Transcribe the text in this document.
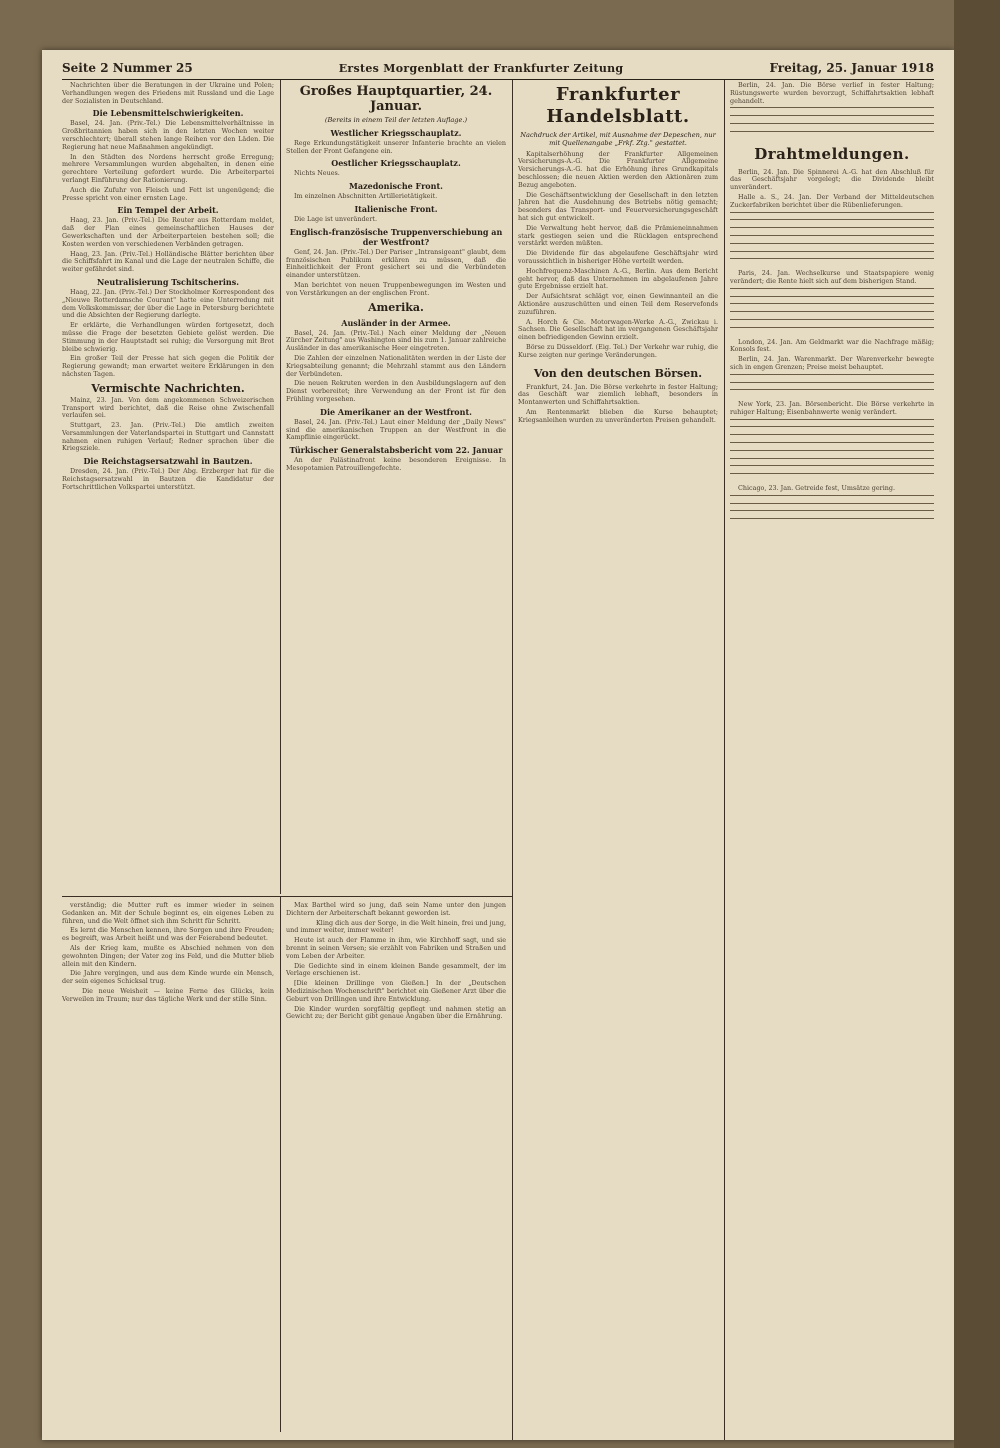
Seite 2 Nummer 25	Erstes Morgenblatt der Frankfurter Zeitung	Freitag, 25. Januar 1918

Nachrichten über die Beratungen in der Ukraine und Polen; Verhandlungen wegen des Friedens mit Russland und die Lage der Sozialisten in Deutschland.

Die Lebensmittelschwierigkeiten.

Basel, 24. Jan. (Priv.-Tel.) Die Lebensmittelverhältnisse in Großbritannien haben sich in den letzten Wochen weiter verschlechtert; überall stehen lange Reihen vor den Läden. Die Regierung hat neue Maßnahmen angekündigt.

In den Städten des Nordens herrscht große Erregung; mehrere Versammlungen wurden abgehalten, in denen eine gerechtere Verteilung gefordert wurde. Die Arbeiterpartei verlangt Einführung der Rationierung.

Auch die Zufuhr von Fleisch und Fett ist ungenügend; die Presse spricht von einer ernsten Lage.

Ein Tempel der Arbeit.

Haag, 23. Jan. (Priv.-Tel.) Die Reuter aus Rotterdam meldet, daß der Plan eines gemeinschaftlichen Hauses der Gewerkschaften und der Arbeiterparteien bestehen soll; die Kosten werden von verschiedenen Verbänden getragen.

Haag, 23. Jan. (Priv.-Tel.) Holländische Blätter berichten über die Schiffsfahrt im Kanal und die Lage der neutralen Schiffe, die weiter gefährdet sind.

Neutralisierung Tschitscherins.

Haag, 22. Jan. (Priv.-Tel.) Der Stockholmer Korrespondent des „Nieuwe Rotterdamsche Courant" hatte eine Unterredung mit dem Volkskommissar, der über die Lage in Petersburg berichtete und die Absichten der Regierung darlegte.

Er erklärte, die Verhandlungen würden fortgesetzt, doch müsse die Frage der besetzten Gebiete gelöst werden. Die Stimmung in der Hauptstadt sei ruhig; die Versorgung mit Brot bleibe schwierig.

Ein großer Teil der Presse hat sich gegen die Politik der Regierung gewandt; man erwartet weitere Erklärungen in den nächsten Tagen.

Vermischte Nachrichten.

Mainz, 23. Jan. Von dem angekommenen Schweizerischen Transport wird berichtet, daß die Reise ohne Zwischenfall verlaufen sei.

Stuttgart, 23. Jan. (Priv.-Tel.) Die amtlich zweiten Versammlungen der Vaterlandspartei in Stuttgart und Cannstatt nahmen einen ruhigen Verlauf; Redner sprachen über die Kriegsziele.

Die Reichstagsersatzwahl in Bautzen.

Dresden, 24. Jan. (Priv.-Tel.) Der Abg. Erzberger hat für die Reichstagsersatzwahl in Bautzen die Kandidatur der Fortschrittlichen Volkspartei unterstützt.

Großes Hauptquartier, 24. Januar.
(Bereits in einem Teil der letzten Auflage.)
Westlicher Kriegsschauplatz.

Rege Erkundungstätigkeit unserer Infanterie brachte an vielen Stellen der Front Gefangene ein.

Oestlicher Kriegsschauplatz.

Nichts Neues.

Mazedonische Front.

Im einzelnen Abschnitten Artillerietätigkeit.

Italienische Front.

Die Lage ist unverändert.

Englisch-französische Truppenverschiebung an der Westfront?

Genf, 24. Jan. (Priv.-Tel.) Der Pariser „Intransigeant" glaubt, dem französischen Publikum erklären zu müssen, daß die Einheitlichkeit der Front gesichert sei und die Verbündeten einander unterstützen.

Man berichtet von neuen Truppenbewegungen im Westen und von Verstärkungen an der englischen Front.

Amerika.
Ausländer in der Armee.

Basel, 24. Jan. (Priv.-Tel.) Nach einer Meldung der „Neuen Zürcher Zeitung" aus Washington sind bis zum 1. Januar zahlreiche Ausländer in das amerikanische Heer eingetreten.

Die Zahlen der einzelnen Nationalitäten werden in der Liste der Kriegsabteilung genannt; die Mehrzahl stammt aus den Ländern der Verbündeten.

Die neuen Rekruten werden in den Ausbildungslagern auf den Dienst vorbereitet; ihre Verwendung an der Front ist für den Frühling vorgesehen.

Die Amerikaner an der Westfront.

Basel, 24. Jan. (Priv.-Tel.) Laut einer Meldung der „Daily News" sind die amerikanischen Truppen an der Westfront in die Kampflinie eingerückt.

Türkischer Generalstabsbericht vom 22. Januar

An der Palästinafront keine besonderen Ereignisse. In Mesopotamien Patrouillengefechte.

Frankfurter Handelsblatt.
Nachdruck der Artikel, mit Ausnahme der Depeschen, nur mit Quellenangabe „Frkf. Ztg." gestattet.

Kapitalserhöhung der Frankfurter Allgemeinen Versicherungs-A.-G. Die Frankfurter Allgemeine Versicherungs-A.-G. hat die Erhöhung ihres Grundkapitals beschlossen; die neuen Aktien werden den Aktionären zum Bezug angeboten.

Die Geschäftsentwicklung der Gesellschaft in den letzten Jahren hat die Ausdehnung des Betriebs nötig gemacht; besonders das Transport- und Feuerversicherungsgeschäft hat sich gut entwickelt.

Die Verwaltung hebt hervor, daß die Prämieneinnahmen stark gestiegen seien und die Rücklagen entsprechend verstärkt werden müßten.

Die Dividende für das abgelaufene Geschäftsjahr wird voraussichtlich in bisheriger Höhe verteilt werden.

Hochfrequenz-Maschinen A.-G., Berlin. Aus dem Bericht geht hervor, daß das Unternehmen im abgelaufenen Jahre gute Ergebnisse erzielt hat.

Der Aufsichtsrat schlägt vor, einen Gewinnanteil an die Aktionäre auszuschütten und einen Teil dem Reservefonds zuzuführen.

A. Horch & Cie. Motorwagen-Werke A.-G., Zwickau i. Sachsen. Die Gesellschaft hat im vergangenen Geschäftsjahr einen befriedigenden Gewinn erzielt.

Börse zu Düsseldorf. (Eig. Tel.) Der Verkehr war ruhig, die Kurse zeigten nur geringe Veränderungen.

Von den deutschen Börsen.

Frankfurt, 24. Jan. Die Börse verkehrte in fester Haltung; das Geschäft war ziemlich lebhaft, besonders in Montanwerten und Schiffahrtsaktien.

Am Rentenmarkt blieben die Kurse behauptet; Kriegsanleihen wurden zu unveränderten Preisen gehandelt.

Berlin, 24. Jan. Die Börse verlief in fester Haltung; Rüstungswerte wurden bevorzugt, Schiffahrtsaktien lebhaft gehandelt.

Drahtmeldungen.

Berlin, 24. Jan. Die Spinnerei A.-G. hat den Abschluß für das Geschäftsjahr vorgelegt; die Dividende bleibt unverändert.

Halle a. S., 24. Jan. Der Verband der Mitteldeutschen Zuckerfabriken berichtet über die Rübenlieferungen.

Paris, 24. Jan. Wechselkurse und Staatspapiere wenig verändert; die Rente hielt sich auf dem bisherigen Stand.

London, 24. Jan. Am Geldmarkt war die Nachfrage mäßig; Konsols fest.

Berlin, 24. Jan. Warenmarkt. Der Warenverkehr bewegte sich in engen Grenzen; Preise meist behauptet.

New York, 23. Jan. Börsenbericht. Die Börse verkehrte in ruhiger Haltung; Eisenbahnwerte wenig verändert.

Chicago, 23. Jan. Getreide fest, Umsätze gering.

verständig; die Mutter ruft es immer wieder in seinen Gedanken an. Mit der Schule beginnt es, ein eigenes Leben zu führen, und die Welt öffnet sich ihm Schritt für Schritt.

Es lernt die Menschen kennen, ihre Sorgen und ihre Freuden; es begreift, was Arbeit heißt und was der Feierabend bedeutet.

Als der Krieg kam, mußte es Abschied nehmen von den gewohnten Dingen; der Vater zog ins Feld, und die Mutter blieb allein mit den Kindern.

Die Jahre vergingen, und aus dem Kinde wurde ein Mensch, der sein eigenes Schicksal trug.

Die neue Weisheit — keine Ferne des Glücks, kein Verweilen im Traum; nur das tägliche Werk und der stille Sinn.

Max Barthel wird so jung, daß sein Name unter den jungen Dichtern der Arbeiterschaft bekannt geworden ist.

Kling dich aus der Sorge, in die Welt hinein, frei und jung, und immer weiter, immer weiter!

Heute ist auch der Flamme in ihm, wie Kirchhoff sagt, und sie brennt in seinen Versen; sie erzählt von Fabriken und Straßen und vom Leben der Arbeiter.

Die Gedichte sind in einem kleinen Bande gesammelt, der im Verlage erschienen ist.

[Die kleinen Drillinge von Gießen.] In der „Deutschen Medizinischen Wochenschrift" berichtet ein Gießener Arzt über die Geburt von Drillingen und ihre Entwicklung.

Die Kinder wurden sorgfältig gepflegt und nahmen stetig an Gewicht zu; der Bericht gibt genaue Angaben über die Ernährung.
